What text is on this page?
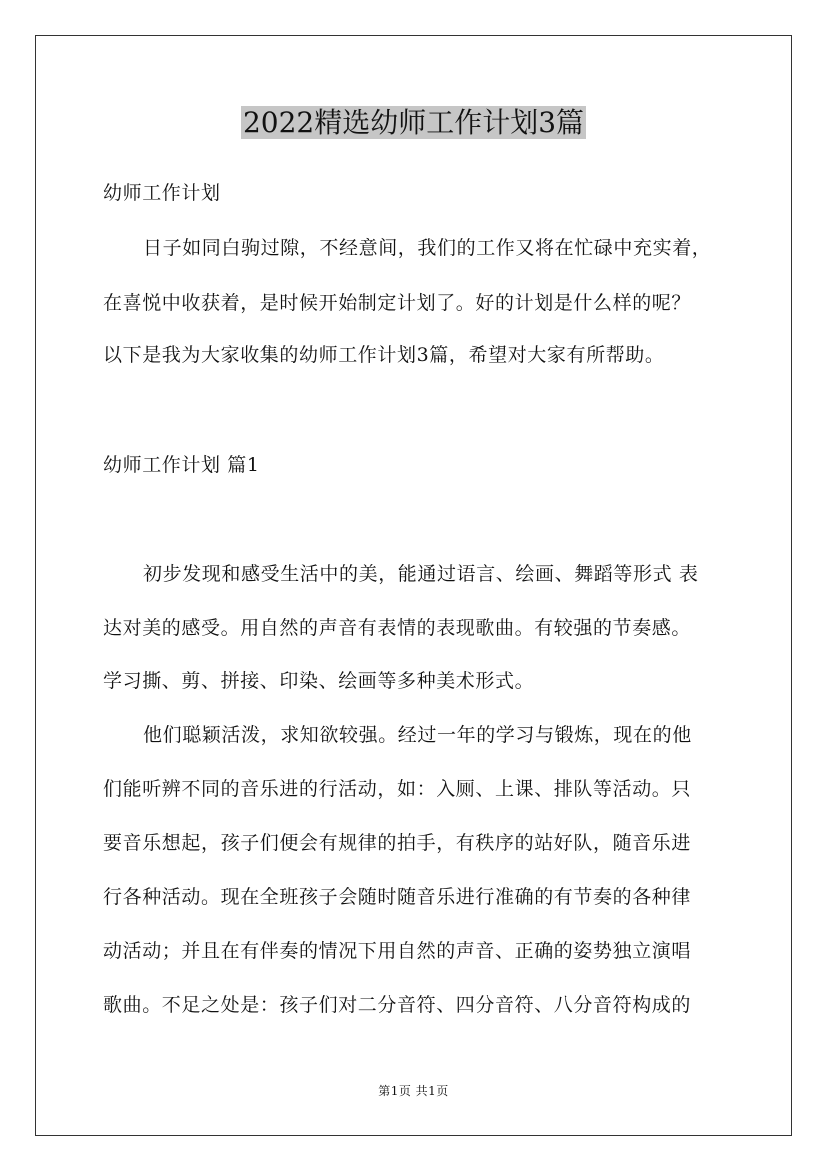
2022精选幼师工作计划3篇

幼师工作计划

日子如同白驹过隙，不经意间，我们的工作又将在忙碌中充实着，

在喜悦中收获着，是时候开始制定计划了。好的计划是什么样的呢？

以下是我为大家收集的幼师工作计划3篇，希望对大家有所帮助。

幼师工作计划 篇1

初步发现和感受生活中的美，能通过语言、绘画、舞蹈等形式 表

达对美的感受。用自然的声音有表情的表现歌曲。有较强的节奏感。

学习撕、剪、拼接、印染、绘画等多种美术形式。

他们聪颖活泼，求知欲较强。经过一年的学习与锻炼，现在的他

们能听辨不同的音乐进的行活动，如：入厕、上课、排队等活动。只

要音乐想起，孩子们便会有规律的拍手，有秩序的站好队，随音乐进

行各种活动。现在全班孩子会随时随音乐进行准确的有节奏的各种律

动活动；并且在有伴奏的情况下用自然的声音、正确的姿势独立演唱

歌曲。不足之处是：孩子们对二分音符、四分音符、八分音符构成的

第1页 共1页
